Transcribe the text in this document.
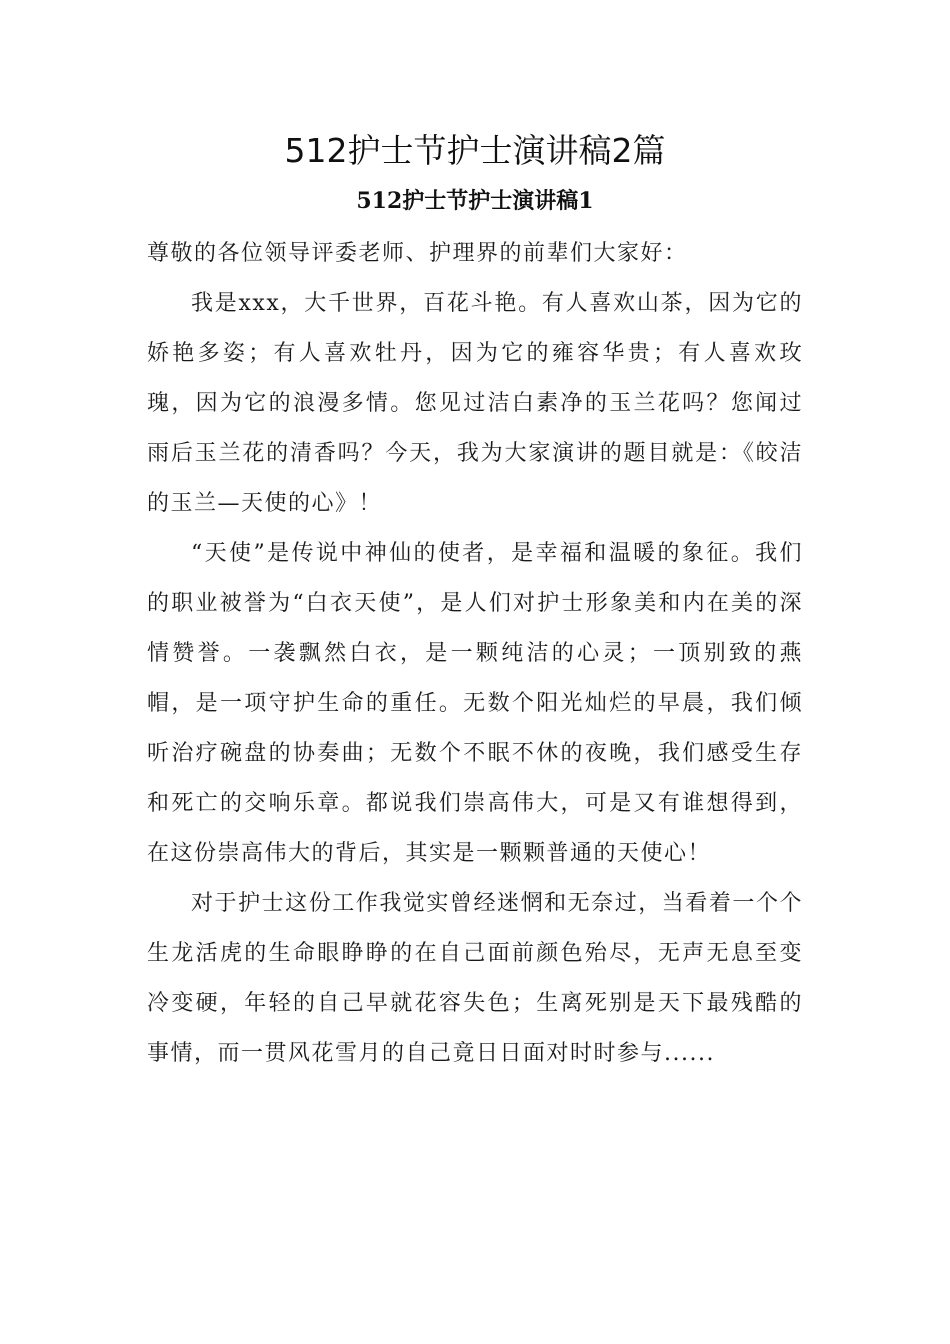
512护士节护士演讲稿2篇
512护士节护士演讲稿1

尊敬的各位领导评委老师、护理界的前辈们大家好：

我是xxx，大千世界，百花斗艳。有人喜欢山茶，因为它的娇艳多姿；有人喜欢牡丹，因为它的雍容华贵；有人喜欢玫瑰，因为它的浪漫多情。您见过洁白素净的玉兰花吗？您闻过雨后玉兰花的清香吗？今天，我为大家演讲的题目就是：《皎洁的玉兰—天使的心》！

“天使”是传说中神仙的使者，是幸福和温暖的象征。我们的职业被誉为“白衣天使”，是人们对护士形象美和内在美的深情赞誉。一袭飘然白衣，是一颗纯洁的心灵；一顶别致的燕帽，是一项守护生命的重任。无数个阳光灿烂的早晨，我们倾听治疗碗盘的协奏曲；无数个不眠不休的夜晚，我们感受生存和死亡的交响乐章。都说我们崇高伟大，可是又有谁想得到，在这份崇高伟大的背后，其实是一颗颗普通的天使心！

对于护士这份工作我觉实曾经迷惘和无奈过，当看着一个个生龙活虎的生命眼睁睁的在自己面前颜色殆尽，无声无息至变冷变硬，年轻的自己早就花容失色；生离死别是天下最残酷的事情，而一贯风花雪月的自己竟日日面对时时参与......
